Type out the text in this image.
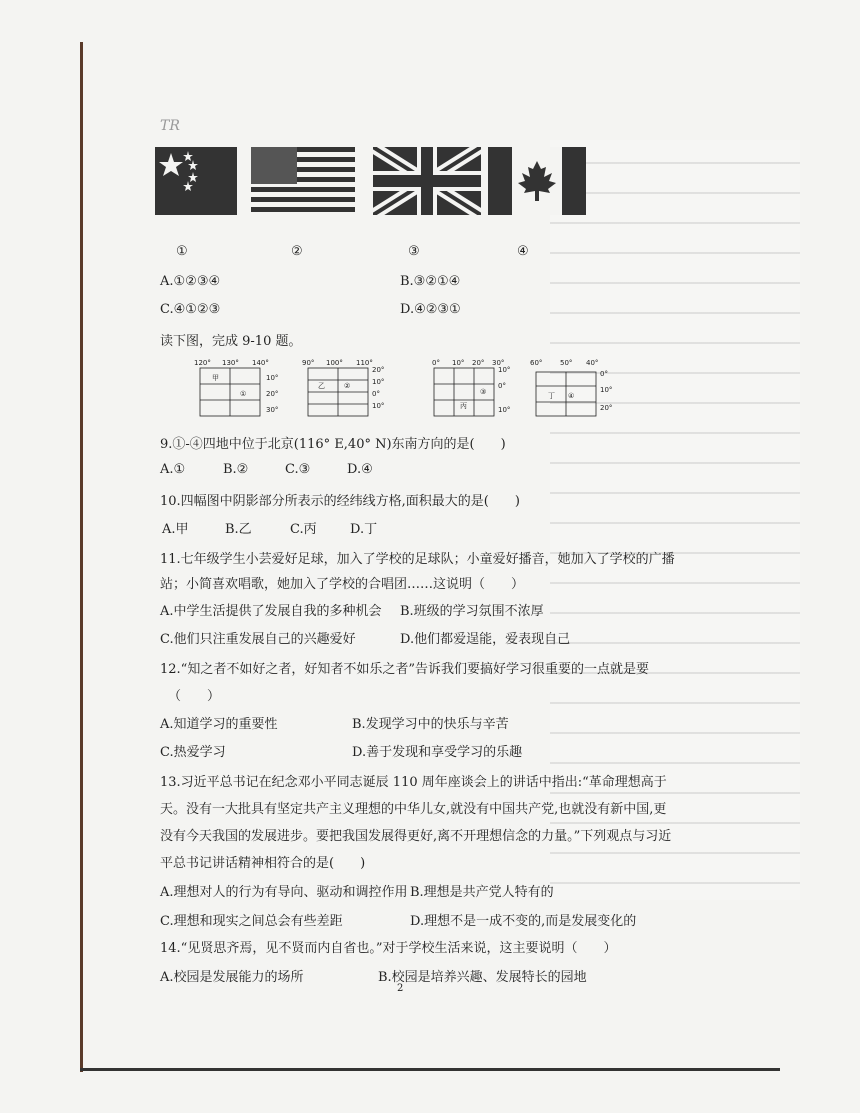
TR
①	②	③	④
A.①②③④	B.③②①④
C.④①②③	D.④②③①
读下图，完成 9-10 题。
120° 130° 140°
10°
20°
30°
甲
①
90° 100° 110°
20°
10°
0°
10°
乙	②
0° 10° 20° 30°
10°
0°
10°
③
丙
60°	50° 40°
0°
10°
20°
丁 ④
9.①-④四地中位于北京(116° E,40° N)东南方向的是(　　)
A.①	B.②	C.③	D.④
10.四幅图中阴影部分所表示的经纬线方格,面积最大的是(　　)
A.甲	B.乙	C.丙	D.丁
11.七年级学生小芸爱好足球，加入了学校的足球队；小童爱好播音，她加入了学校的广播
站；小简喜欢唱歌，她加入了学校的合唱团……这说明（　　）
A.中学生活提供了发展自我的多种机会 B.班级的学习氛围不浓厚
C.他们只注重发展自己的兴趣爱好	D.他们都爱逞能，爱表现自己
12.“知之者不如好之者，好知者不如乐之者”告诉我们要搞好学习很重要的一点就是要
（　　）
A.知道学习的重要性	B.发现学习中的快乐与辛苦
C.热爱学习	D.善于发现和享受学习的乐趣
13.习近平总书记在纪念邓小平同志诞辰 110 周年座谈会上的讲话中指出:“革命理想高于
天。没有一大批具有坚定共产主义理想的中华儿女,就没有中国共产党,也就没有新中国,更
没有今天我国的发展进步。要把我国发展得更好,离不开理想信念的力量。”下列观点与习近
平总书记讲话精神相符合的是(　　)
A.理想对人的行为有导向、驱动和调控作用 B.理想是共产党人特有的
C.理想和现实之间总会有些差距	D.理想不是一成不变的,而是发展变化的
14.“见贤思齐焉，见不贤而内自省也。”对于学校生活来说，这主要说明（　　）
A.校园是发展能力的场所	B.校园是培养兴趣、发展特长的园地
2
